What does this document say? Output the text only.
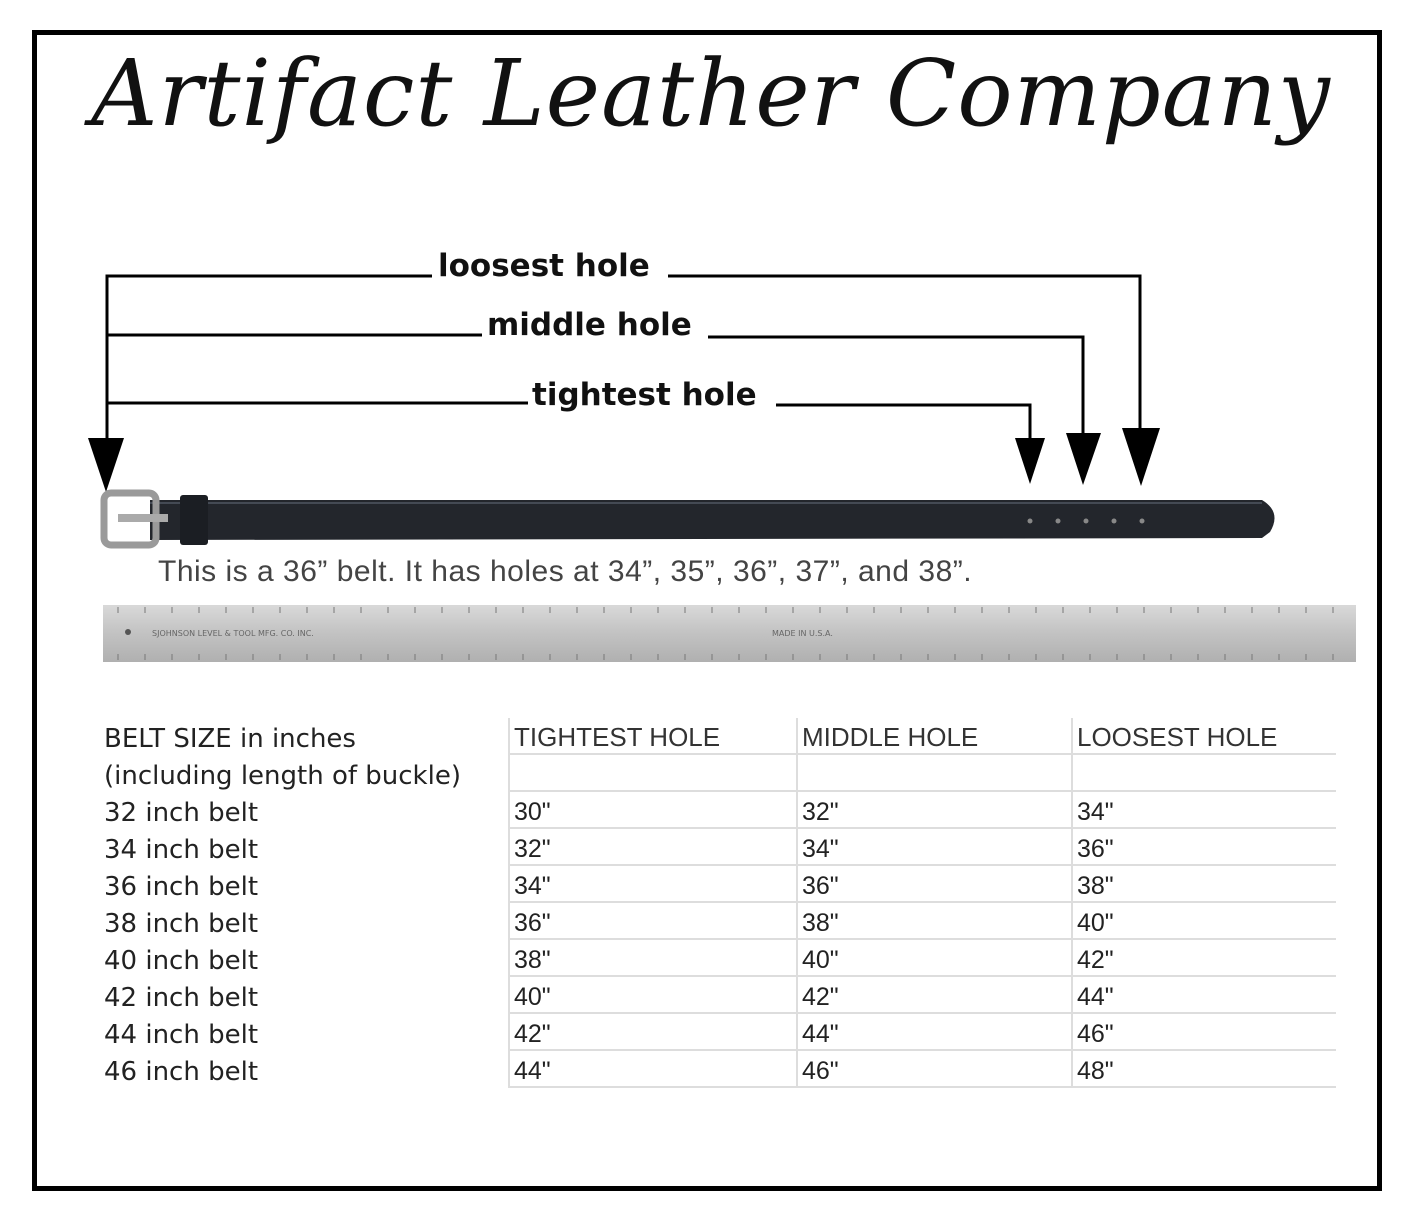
Artifact Leather Company
loosest hole
middle hole
tightest hole
SJOHNSON LEVEL & TOOL MFG. CO. INC.	MADE IN U.S.A.
This is a 36” belt. It has holes at 34”, 35”, 36”, 37”, and 38”.
BELT SIZE in inches	TIGHTEST HOLE	MIDDLE HOLE	LOOSEST HOLE
(including length of buckle)			
32 inch belt	30"	32"	34"
34 inch belt	32"	34"	36"
36 inch belt	34"	36"	38"
38 inch belt	36"	38"	40"
40 inch belt	38"	40"	42"
42 inch belt	40"	42"	44"
44 inch belt	42"	44"	46"
46 inch belt	44"	46"	48"
